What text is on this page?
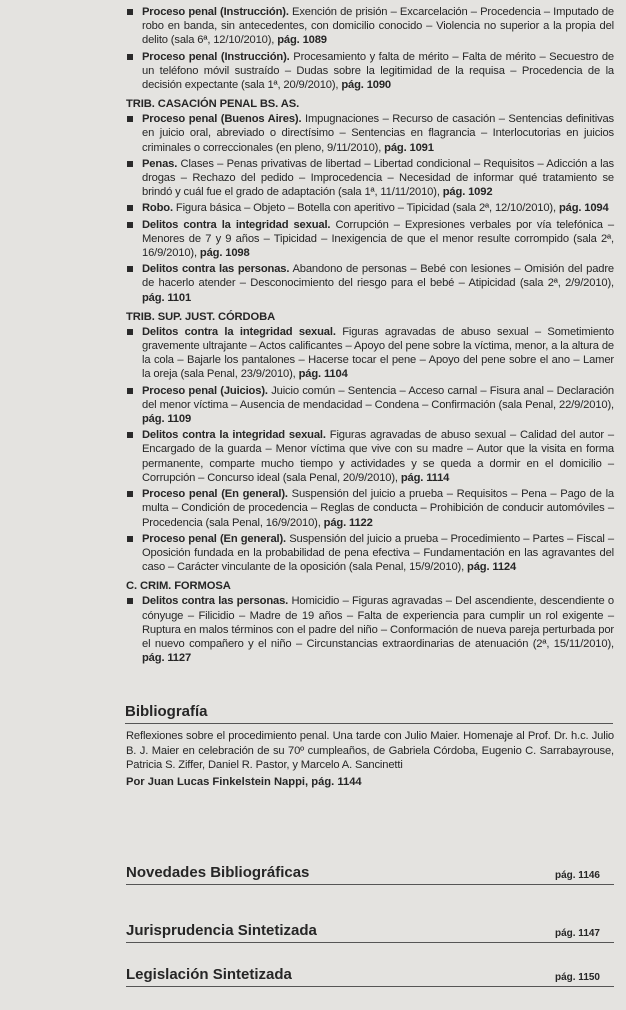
Proceso penal (Instrucción). Exención de prisión – Excarcelación – Procedencia – Imputado de robo en banda, sin antecedentes, con domicilio conocido – Violencia no superior a la propia del delito (sala 6ª, 12/10/2010), pág. 1089
Proceso penal (Instrucción). Procesamiento y falta de mérito – Falta de mérito – Secuestro de un teléfono móvil sustraído – Dudas sobre la legitimidad de la requisa – Procedencia de la decisión expectante (sala 1ª, 20/9/2010), pág. 1090
TRIB. CASACIÓN PENAL BS. AS.
Proceso penal (Buenos Aires). Impugnaciones – Recurso de casación – Sentencias definitivas en juicio oral, abreviado o directísimo – Sentencias en flagrancia – Interlocutorias en juicios criminales o correccionales (en pleno, 9/11/2010), pág. 1091
Penas. Clases – Penas privativas de libertad – Libertad condicional – Requisitos – Adicción a las drogas – Rechazo del pedido – Improcedencia – Necesidad de informar qué tratamiento se brindó y cuál fue el grado de adaptación (sala 1ª, 11/11/2010), pág. 1092
Robo. Figura básica – Objeto – Botella con aperitivo – Tipicidad (sala 2ª, 12/10/2010), pág. 1094
Delitos contra la integridad sexual. Corrupción – Expresiones verbales por vía telefónica – Menores de 7 y 9 años – Tipicidad – Inexigencia de que el menor resulte corrompido (sala 2ª, 16/9/2010), pág. 1098
Delitos contra las personas. Abandono de personas – Bebé con lesiones – Omisión del padre de hacerlo atender – Desconocimiento del riesgo para el bebé – Atipicidad (sala 2ª, 2/9/2010), pág. 1101
TRIB. SUP. JUST. CÓRDOBA
Delitos contra la integridad sexual. Figuras agravadas de abuso sexual – Sometimiento gravemente ultrajante – Actos calificantes – Apoyo del pene sobre la víctima, menor, a la altura de la cola – Bajarle los pantalones – Hacerse tocar el pene – Apoyo del pene sobre el ano – Lamer la oreja (sala Penal, 23/9/2010), pág. 1104
Proceso penal (Juicios). Juicio común – Sentencia – Acceso carnal – Fisura anal – Declaración del menor víctima – Ausencia de mendacidad – Condena – Confirmación (sala Penal, 22/9/2010), pág. 1109
Delitos contra la integridad sexual. Figuras agravadas de abuso sexual – Calidad del autor – Encargado de la guarda – Menor víctima que vive con su madre – Autor que la visita en forma permanente, comparte mucho tiempo y actividades y se queda a dormir en el domicilio – Corrupción – Concurso ideal (sala Penal, 20/9/2010), pág. 1114
Proceso penal (En general). Suspensión del juicio a prueba – Requisitos – Pena – Pago de la multa – Condición de procedencia – Reglas de conducta – Prohibición de conducir automóviles – Procedencia (sala Penal, 16/9/2010), pág. 1122
Proceso penal (En general). Suspensión del juicio a prueba – Procedimiento – Partes – Fiscal – Oposición fundada en la probabilidad de pena efectiva – Fundamentación en las agravantes del caso – Carácter vinculante de la oposición (sala Penal, 15/9/2010), pág. 1124
C. CRIM. FORMOSA
Delitos contra las personas. Homicidio – Figuras agravadas – Del ascendiente, descendiente o cónyuge – Filicidio – Madre de 19 años – Falta de experiencia para cumplir un rol exigente – Ruptura en malos términos con el padre del niño – Conformación de nueva pareja perturbada por el nuevo compañero y el niño – Circunstancias extraordinarias de atenuación (2ª, 15/11/2010), pág. 1127
Bibliografía
Reflexiones sobre el procedimiento penal. Una tarde con Julio Maier. Homenaje al Prof. Dr. h.c. Julio B. J. Maier en celebración de su 70º cumpleaños, de Gabriela Córdoba, Eugenio C. Sarrabayrouse, Patricia S. Ziffer, Daniel R. Pastor, y Marcelo A. Sancinetti
Por Juan Lucas Finkelstein Nappi, pág. 1144
Novedades Bibliográficas	pág. 1146
Jurisprudencia Sintetizada	pág. 1147
Legislación Sintetizada	pág. 1150
